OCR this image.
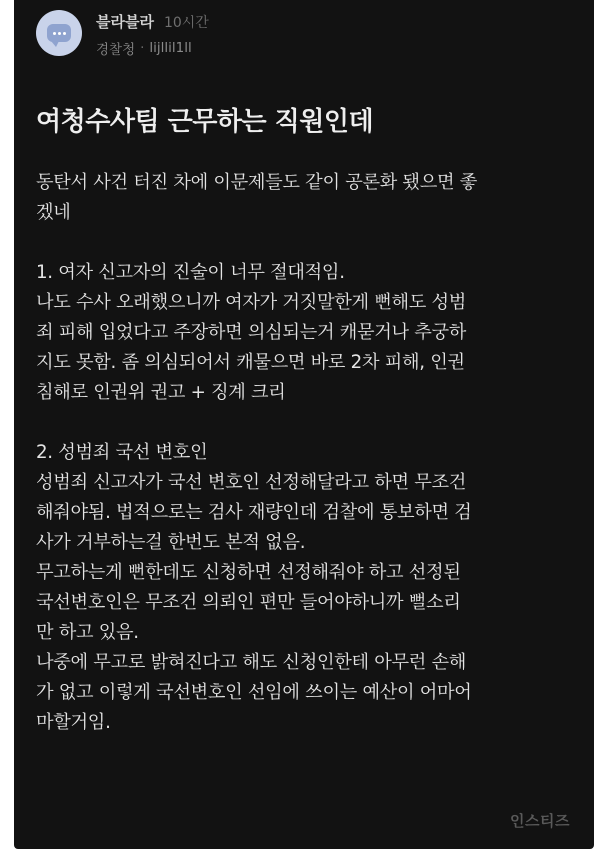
블라블라 10시간
경찰청 · lijllil1ll
여청수사팀 근무하는 직원인데
동탄서 사건 터진 차에 이문제들도 같이 공론화 됐으면 좋
겠네
1. 여자 신고자의 진술이 너무 절대적임.
나도 수사 오래했으니까 여자가 거짓말한게 뻔해도 성범
죄 피해 입었다고 주장하면 의심되는거 캐묻거나 추궁하
지도 못함. 좀 의심되어서 캐물으면 바로 2차 피해, 인권
침해로 인권위 권고 + 징계 크리
2. 성범죄 국선 변호인
성범죄 신고자가 국선 변호인 선정해달라고 하면 무조건
해줘야됨. 법적으로는 검사 재량인데 검찰에 통보하면 검
사가 거부하는걸 한번도 본적 없음.
무고하는게 뻔한데도 신청하면 선정해줘야 하고 선정된
국선변호인은 무조건 의뢰인 편만 들어야하니까 뻘소리
만 하고 있음.
나중에 무고로 밝혀진다고 해도 신청인한테 아무런 손해
가 없고 이렇게 국선변호인 선임에 쓰이는 예산이 어마어
마할거임.
인스티즈
